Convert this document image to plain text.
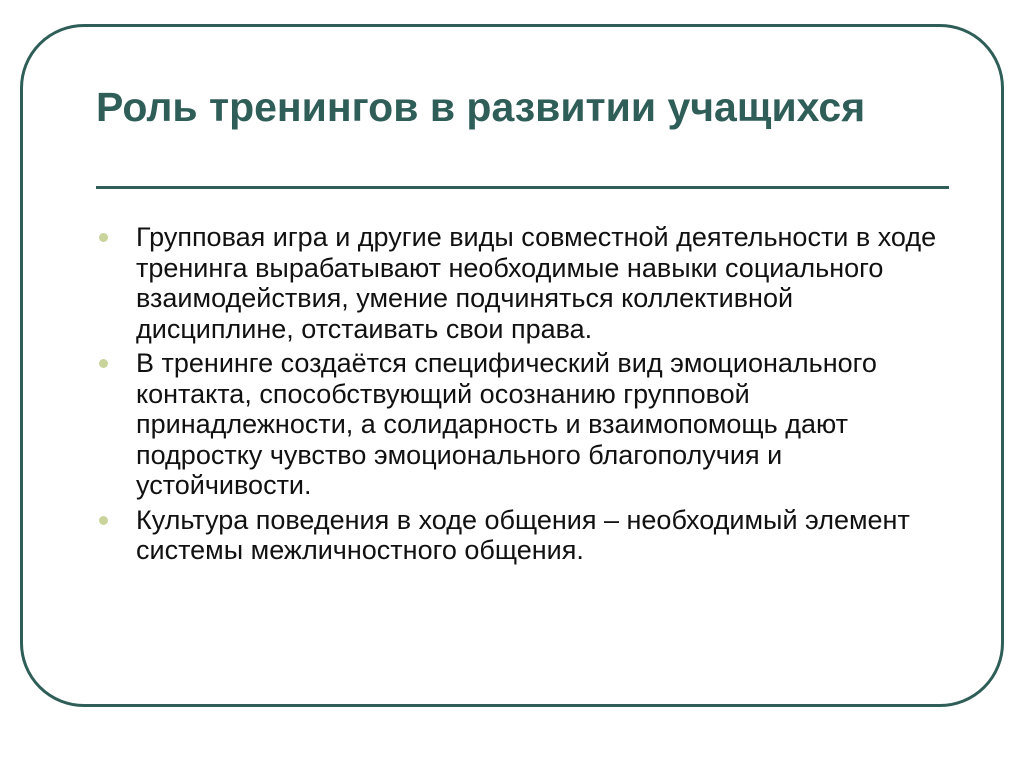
Роль тренингов в развитии учащихся
Групповая игра и другие виды совместной деятельности в ходе тренинга вырабатывают необходимые навыки социального взаимодействия, умение подчиняться коллективной дисциплине, отстаивать свои права.
В тренинге создаётся специфический вид эмоционального контакта, способствующий осознанию групповой принадлежности, а солидарность и взаимопомощь дают подростку чувство эмоционального благополучия и устойчивости.
Культура поведения в ходе общения – необходимый элемент системы межличностного общения.
